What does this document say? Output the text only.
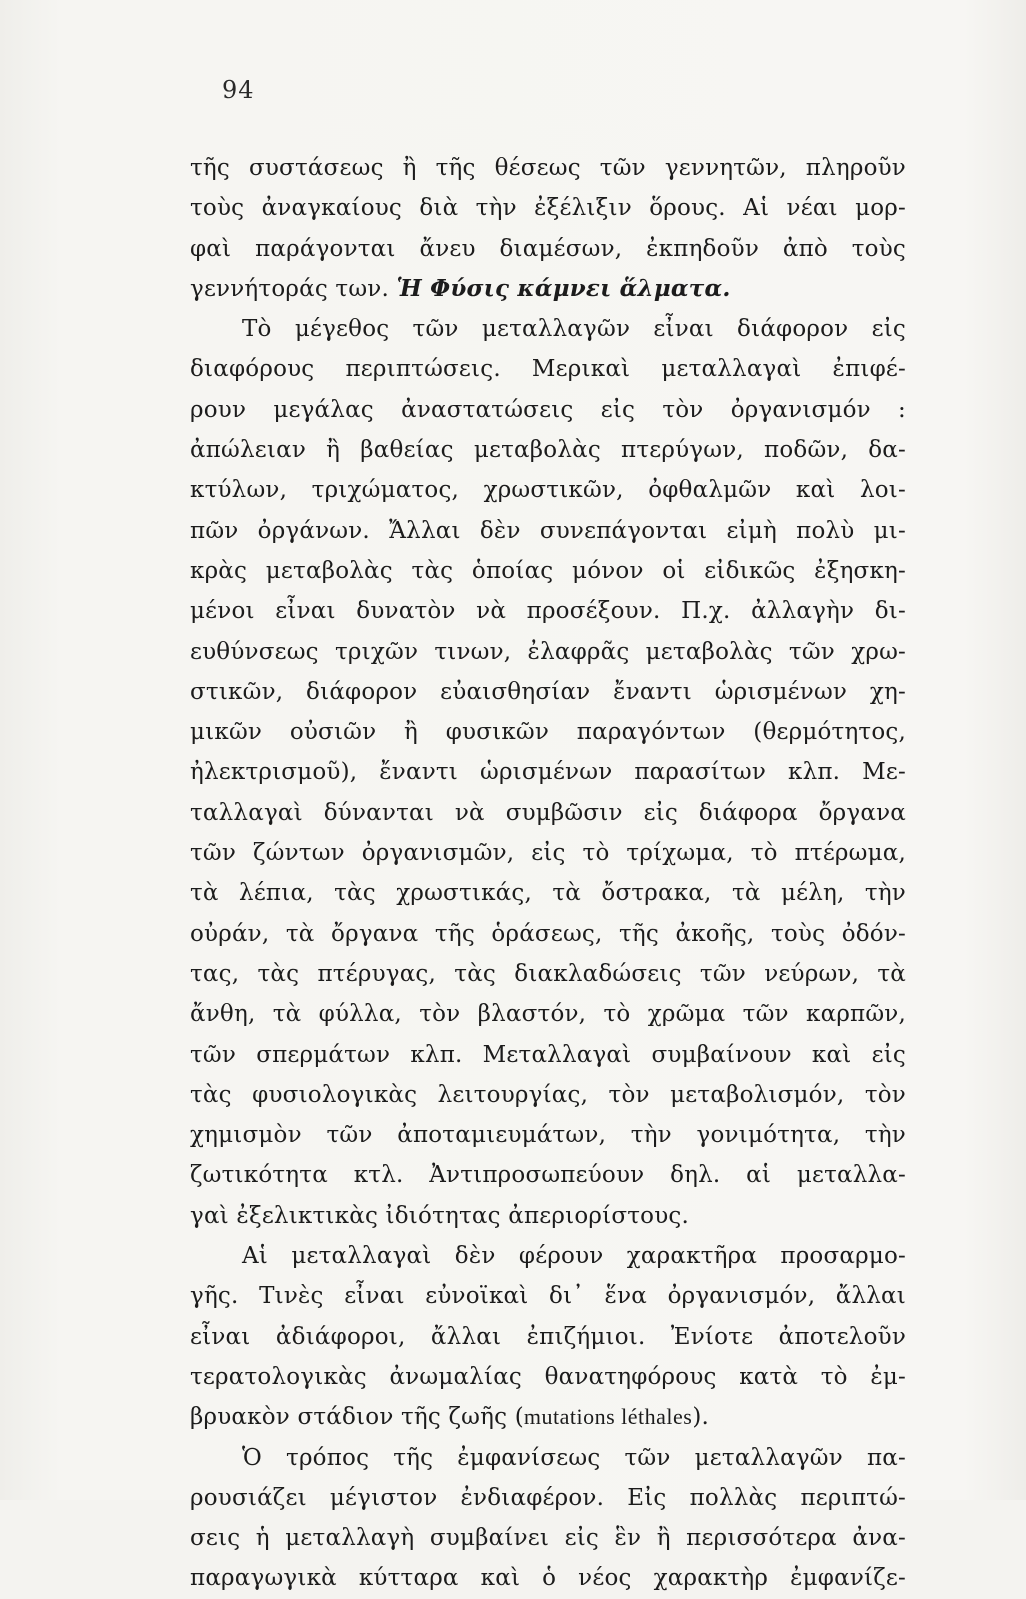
94
τῆς συστάσεως ἢ τῆς θέσεως τῶν γεννητῶν, πληροῦν
τοὺς ἀναγκαίους διὰ τὴν ἐξέλιξιν ὅρους. Αἱ νέαι μορ-
φαὶ παράγονται ἄνευ διαμέσων, ἐκπηδοῦν ἀπὸ τοὺς
γεννήτοράς των. Ἡ Φύσις κάμνει ἅλματα.
Τὸ μέγεθος τῶν μεταλλαγῶν εἶναι διάφορον εἰς
διαφόρους περιπτώσεις. Μερικαὶ μεταλλαγαὶ ἐπιφέ-
ρουν μεγάλας ἀναστατώσεις εἰς τὸν ὀργανισμόν :
ἀπώλειαν ἢ βαθείας μεταβολὰς πτερύγων, ποδῶν, δα-
κτύλων, τριχώματος, χρωστικῶν, ὀφθαλμῶν καὶ λοι-
πῶν ὀργάνων. Ἄλλαι δὲν συνεπάγονται εἰμὴ πολὺ μι-
κρὰς μεταβολὰς τὰς ὁποίας μόνον οἱ εἰδικῶς ἐξησκη-
μένοι εἶναι δυνατὸν νὰ προσέξουν. Π.χ. ἀλλαγὴν δι-
ευθύνσεως τριχῶν τινων, ἐλαφρᾶς μεταβολὰς τῶν χρω-
στικῶν, διάφορον εὐαισθησίαν ἔναντι ὡρισμένων χη-
μικῶν οὐσιῶν ἢ φυσικῶν παραγόντων (θερμότητος,
ἠλεκτρισμοῦ), ἔναντι ὡρισμένων παρασίτων κλπ. Με-
ταλλαγαὶ δύνανται νὰ συμβῶσιν εἰς διάφορα ὄργανα
τῶν ζώντων ὀργανισμῶν, εἰς τὸ τρίχωμα, τὸ πτέρωμα,
τὰ λέπια, τὰς χρωστικάς, τὰ ὄστρακα, τὰ μέλη, τὴν
οὐράν, τὰ ὄργανα τῆς ὁράσεως, τῆς ἀκοῆς, τοὺς ὀδόν-
τας, τὰς πτέρυγας, τὰς διακλαδώσεις τῶν νεύρων, τὰ
ἄνθη, τὰ φύλλα, τὸν βλαστόν, τὸ χρῶμα τῶν καρπῶν,
τῶν σπερμάτων κλπ. Μεταλλαγαὶ συμβαίνουν καὶ εἰς
τὰς φυσιολογικὰς λειτουργίας, τὸν μεταβολισμόν, τὸν
χημισμὸν τῶν ἀποταμιευμάτων, τὴν γονιμότητα, τὴν
ζωτικότητα κτλ. Ἀντιπροσωπεύουν δηλ. αἱ μεταλλα-
γαὶ ἐξελικτικὰς ἰδιότητας ἀπεριορίστους.
Αἱ μεταλλαγαὶ δὲν φέρουν χαρακτῆρα προσαρμο-
γῆς. Τινὲς εἶναι εὐνοϊκαὶ δι᾽ ἕνα ὀργανισμόν, ἄλλαι
εἶναι ἀδιάφοροι, ἄλλαι ἐπιζήμιοι. Ἐνίοτε ἀποτελοῦν
τερατολογικὰς ἀνωμαλίας θανατηφόρους κατὰ τὸ ἐμ-
βρυακὸν στάδιον τῆς ζωῆς (mutations léthales).
Ὁ τρόπος τῆς ἐμφανίσεως τῶν μεταλλαγῶν πα-
ρουσιάζει μέγιστον ἐνδιαφέρον. Εἰς πολλὰς περιπτώ-
σεις ἡ μεταλλαγὴ συμβαίνει εἰς ἓν ἢ περισσότερα ἀνα-
παραγωγικὰ κύτταρα καὶ ὁ νέος χαρακτὴρ ἐμφανίζε-
